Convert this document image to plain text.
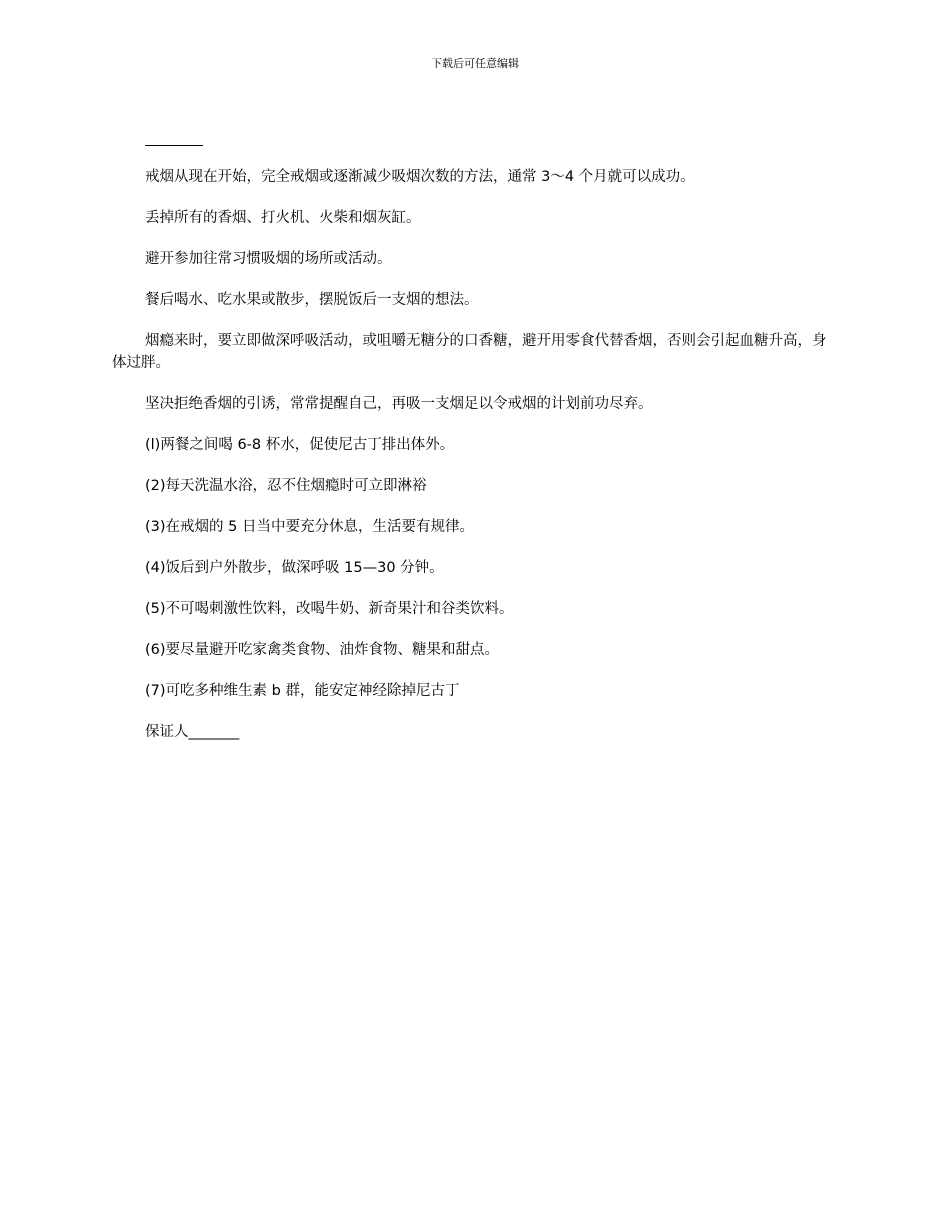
下载后可任意编辑

戒烟从现在开始，完全戒烟或逐渐减少吸烟次数的方法，通常 3～4 个月就可以成功。

丢掉所有的香烟、打火机、火柴和烟灰缸。

避开参加往常习惯吸烟的场所或活动。

餐后喝水、吃水果或散步，摆脱饭后一支烟的想法。

烟瘾来时，要立即做深呼吸活动，或咀嚼无糖分的口香糖，避开用零食代替香烟，否则会引起血糖升高，身体过胖。

坚决拒绝香烟的引诱，常常提醒自己，再吸一支烟足以令戒烟的计划前功尽弃。

(l)两餐之间喝 6-8 杯水，促使尼古丁排出体外。

(2)每天洗温水浴，忍不住烟瘾时可立即淋裕

(3)在戒烟的 5 日当中要充分休息，生活要有规律。

(4)饭后到户外散步，做深呼吸 15—30 分钟。

(5)不可喝刺激性饮料，改喝牛奶、新奇果汁和谷类饮料。

(6)要尽量避开吃家禽类食物、油炸食物、糖果和甜点。

(7)可吃多种维生素 b 群，能安定神经除掉尼古丁

保证人_______
